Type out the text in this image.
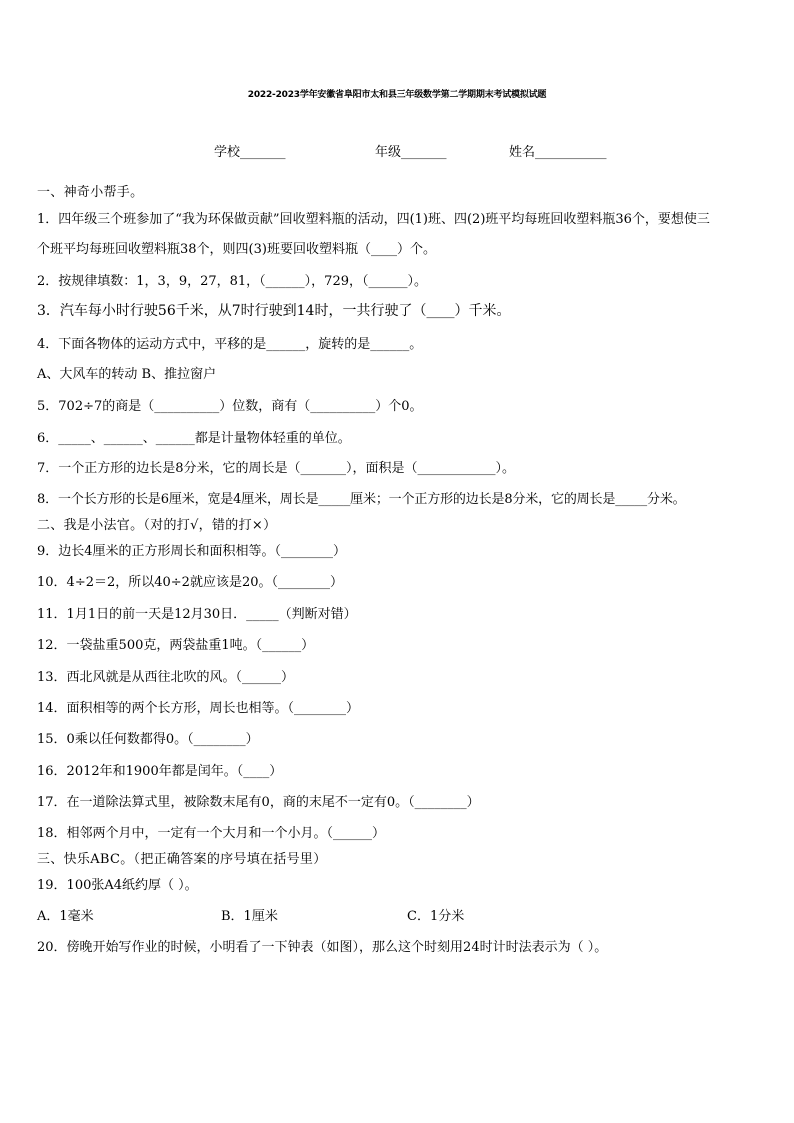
2022-2023学年安徽省阜阳市太和县三年级数学第二学期期末考试模拟试题
学校_______	年级_______	姓名___________
一、神奇小帮手。
1．四年级三个班参加了“我为环保做贡献”回收塑料瓶的活动，四(1)班、四(2)班平均每班回收塑料瓶36个，要想使三
个班平均每班回收塑料瓶38个，则四(3)班要回收塑料瓶（____）个。
2．按规律填数：1，3，9，27，81，（______），729，（______）。
3．汽车每小时行驶56千米，从7时行驶到14时，一共行驶了（____）千米。
4．下面各物体的运动方式中，平移的是______，旋转的是______。
A、大风车的转动 B、推拉窗户
5．702÷7的商是（__________）位数，商有（__________）个0。
6．_____、______、______都是计量物体轻重的单位。
7．一个正方形的边长是8分米，它的周长是（_______），面积是（____________）。
8．一个长方形的长是6厘米，宽是4厘米，周长是_____厘米；一个正方形的边长是8分米，它的周长是_____分米。
二、我是小法官。（对的打√，错的打×）
9．边长4厘米的正方形周长和面积相等。（________）
10．4÷2＝2，所以40÷2就应该是20。（________）
11．1月1日的前一天是12月30日．_____（判断对错）
12．一袋盐重500克，两袋盐重1吨。（______）
13．西北风就是从西往北吹的风。（______）
14．面积相等的两个长方形，周长也相等。（________）
15．0乘以任何数都得0。（________）
16．2012年和1900年都是闰年。（____）
17．在一道除法算式里，被除数末尾有0，商的末尾不一定有0。（________）
18．相邻两个月中，一定有一个大月和一个小月。（______）
三、快乐ABC。（把正确答案的序号填在括号里）
19．100张A4纸约厚（ ）。
A．1毫米	B．1厘米	C．1分米
20．傍晚开始写作业的时候，小明看了一下钟表（如图），那么这个时刻用24时计时法表示为（ ）。
